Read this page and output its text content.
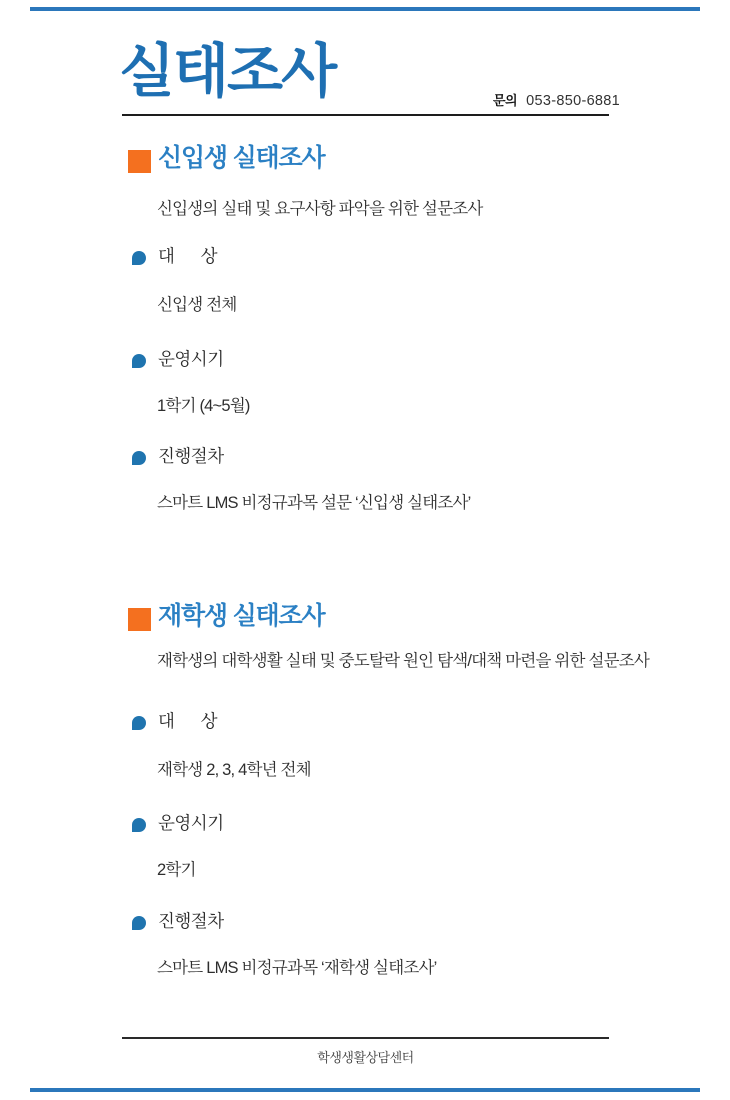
실태조사	문의 053-850-6881
신입생 실태조사
신입생의 실태 및 요구사항 파악을 위한 설문조사
대      상
신입생 전체
운영시기
1학기 (4~5월)
진행절차
스마트 LMS 비정규과목 설문 ‘신입생 실태조사’
재학생 실태조사
재학생의 대학생활 실태 및 중도탈락 원인 탐색/대책 마련을 위한 설문조사
대      상
재학생 2, 3, 4학년 전체
운영시기
2학기
진행절차
스마트 LMS 비정규과목 ‘재학생 실태조사’
학생생활상담센터
